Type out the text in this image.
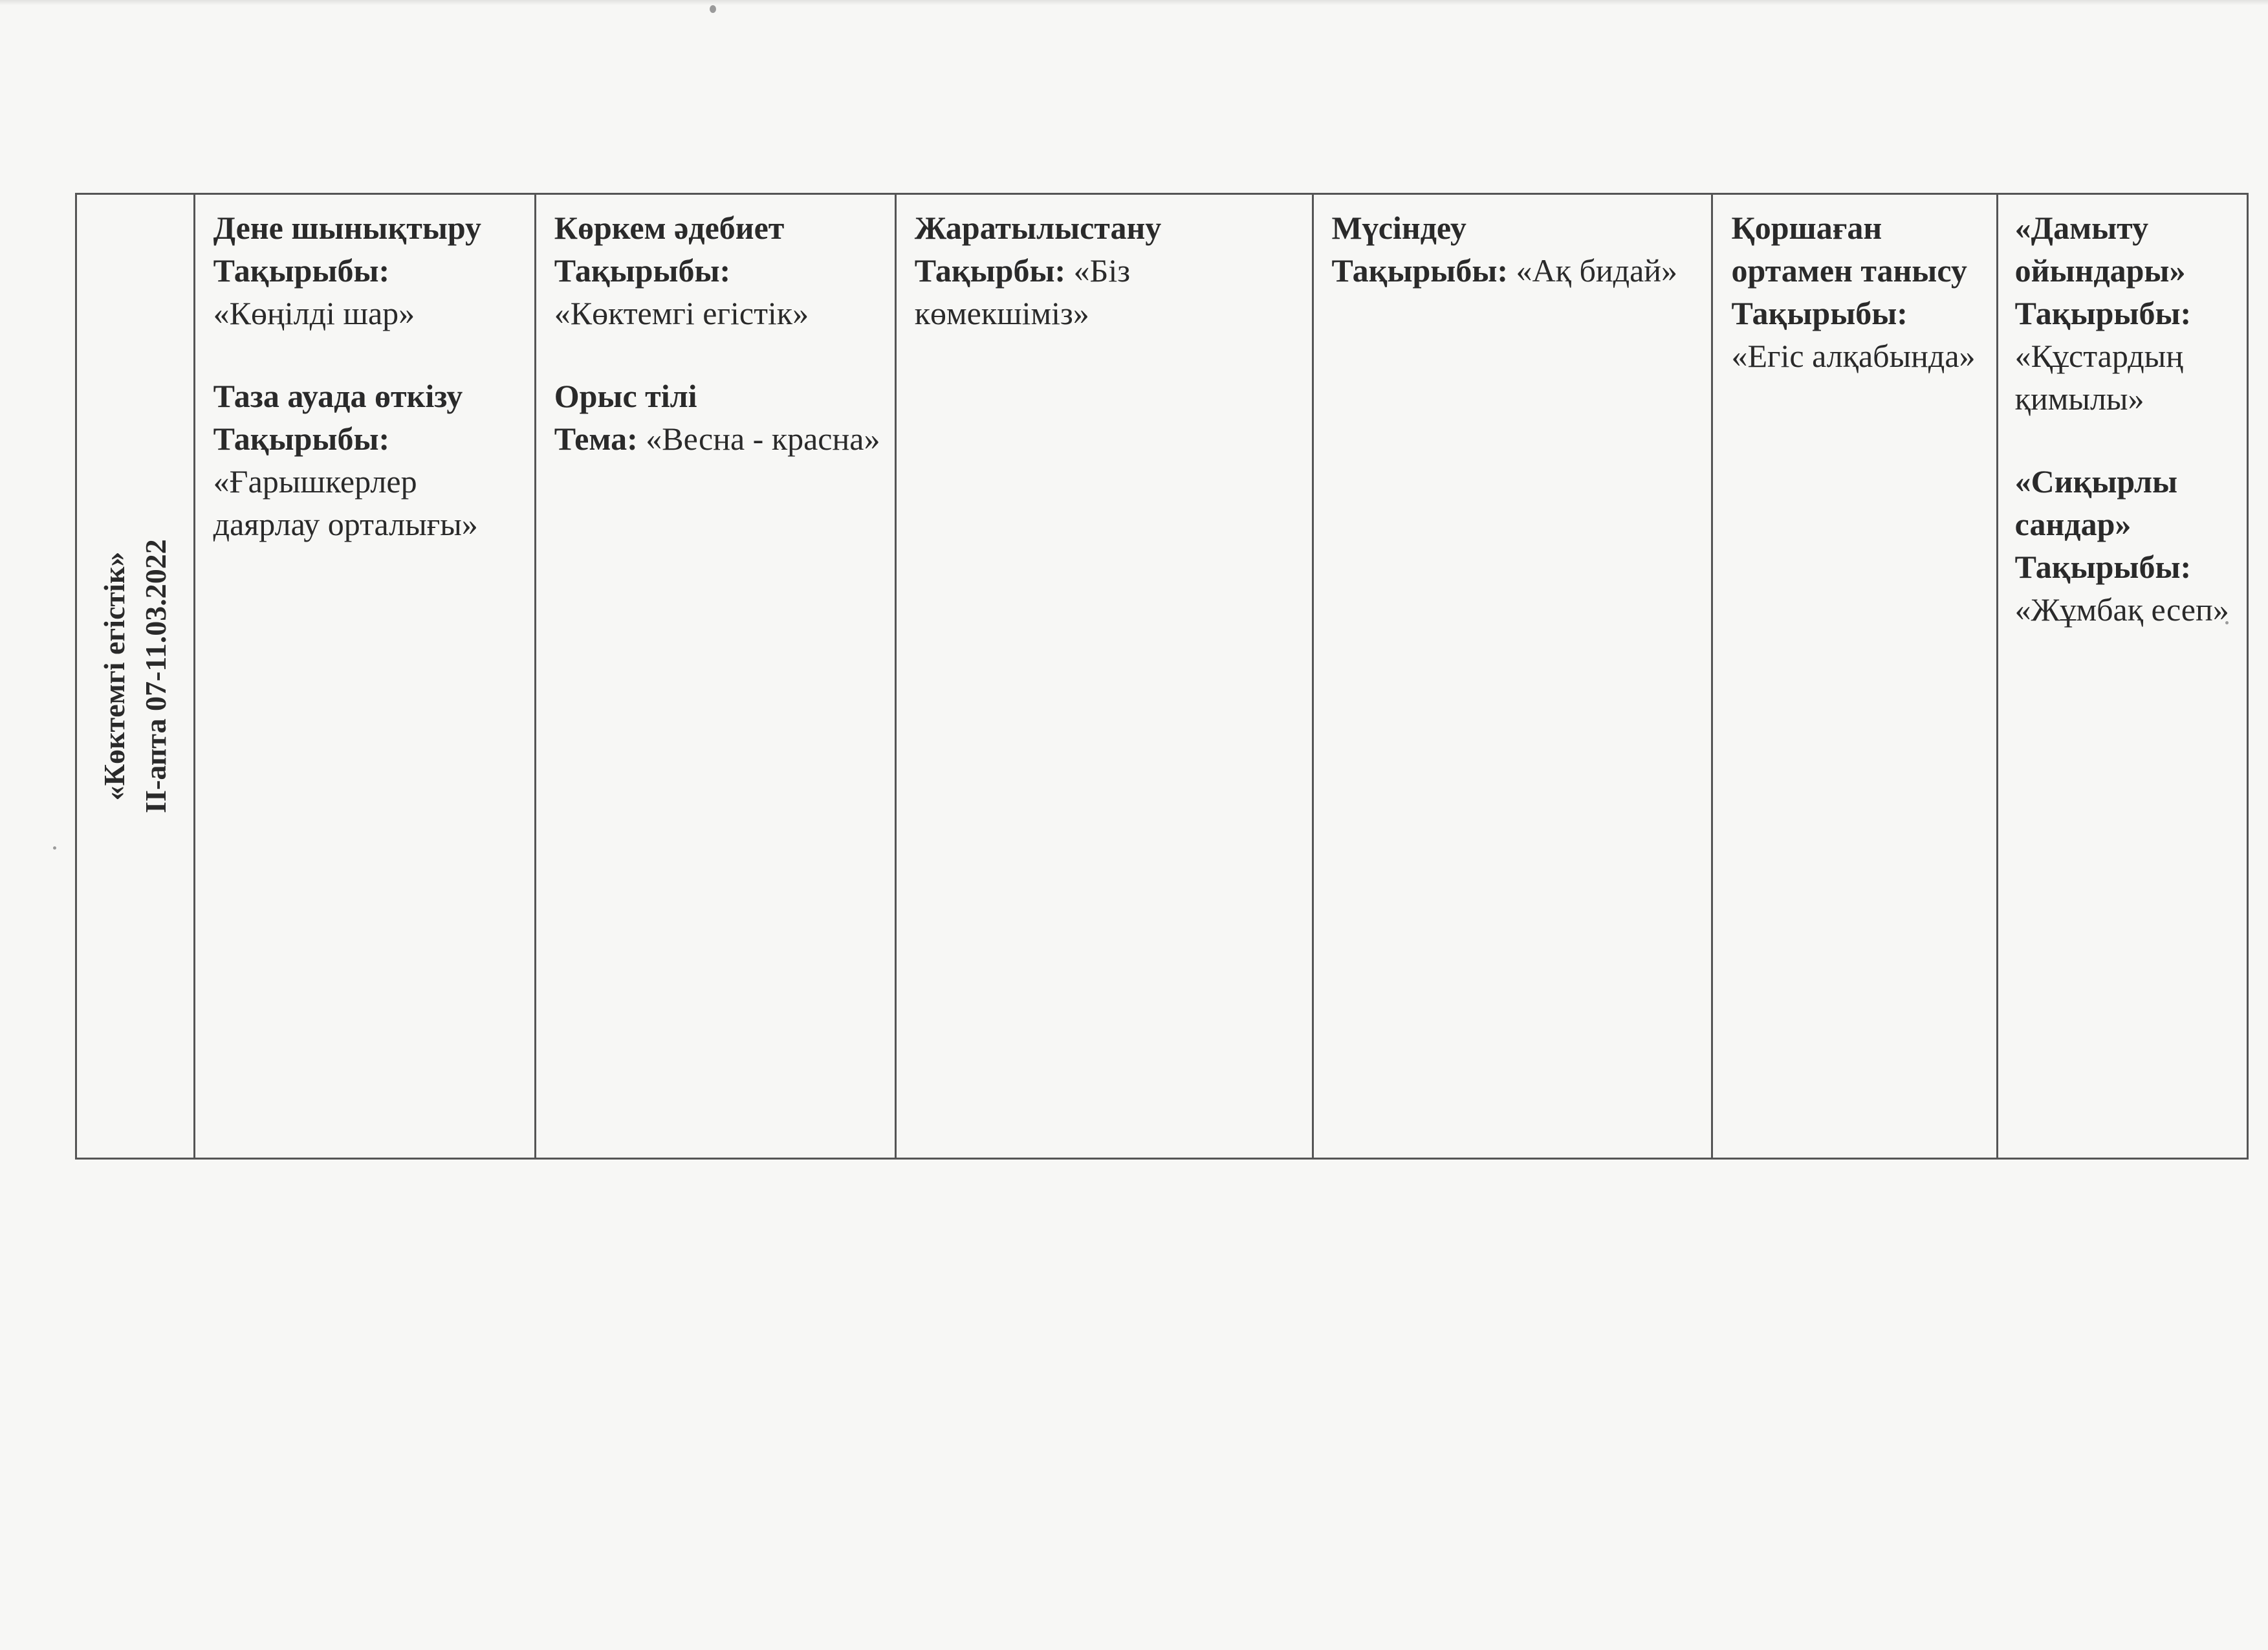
«Көктемгі егістік» ІІ-апта 07-11.03.2022
Дене шынықтыру
Тақырыбы:
«Көңілді шар»
Таза ауада өткізу
Тақырыбы:
«Ғарышкерлер даярлау орталығы»
Көркем әдебиет
Тақырыбы:
«Көктемгі егістік»
Орыс тілі
Тема: «Весна - красна»
Жаратылыстану
Тақырбы: «Біз көмекшіміз»
Мүсіндеу
Тақырыбы: «Ақ бидай»
Қоршаған ортамен танысу
Тақырыбы:
«Егіс алқабында»
«Дамыту ойындары»
Тақырыбы:
«Құстардың қимылы»
«Сиқырлы сандар»
Тақырыбы:
«Жұмбақ есеп»
